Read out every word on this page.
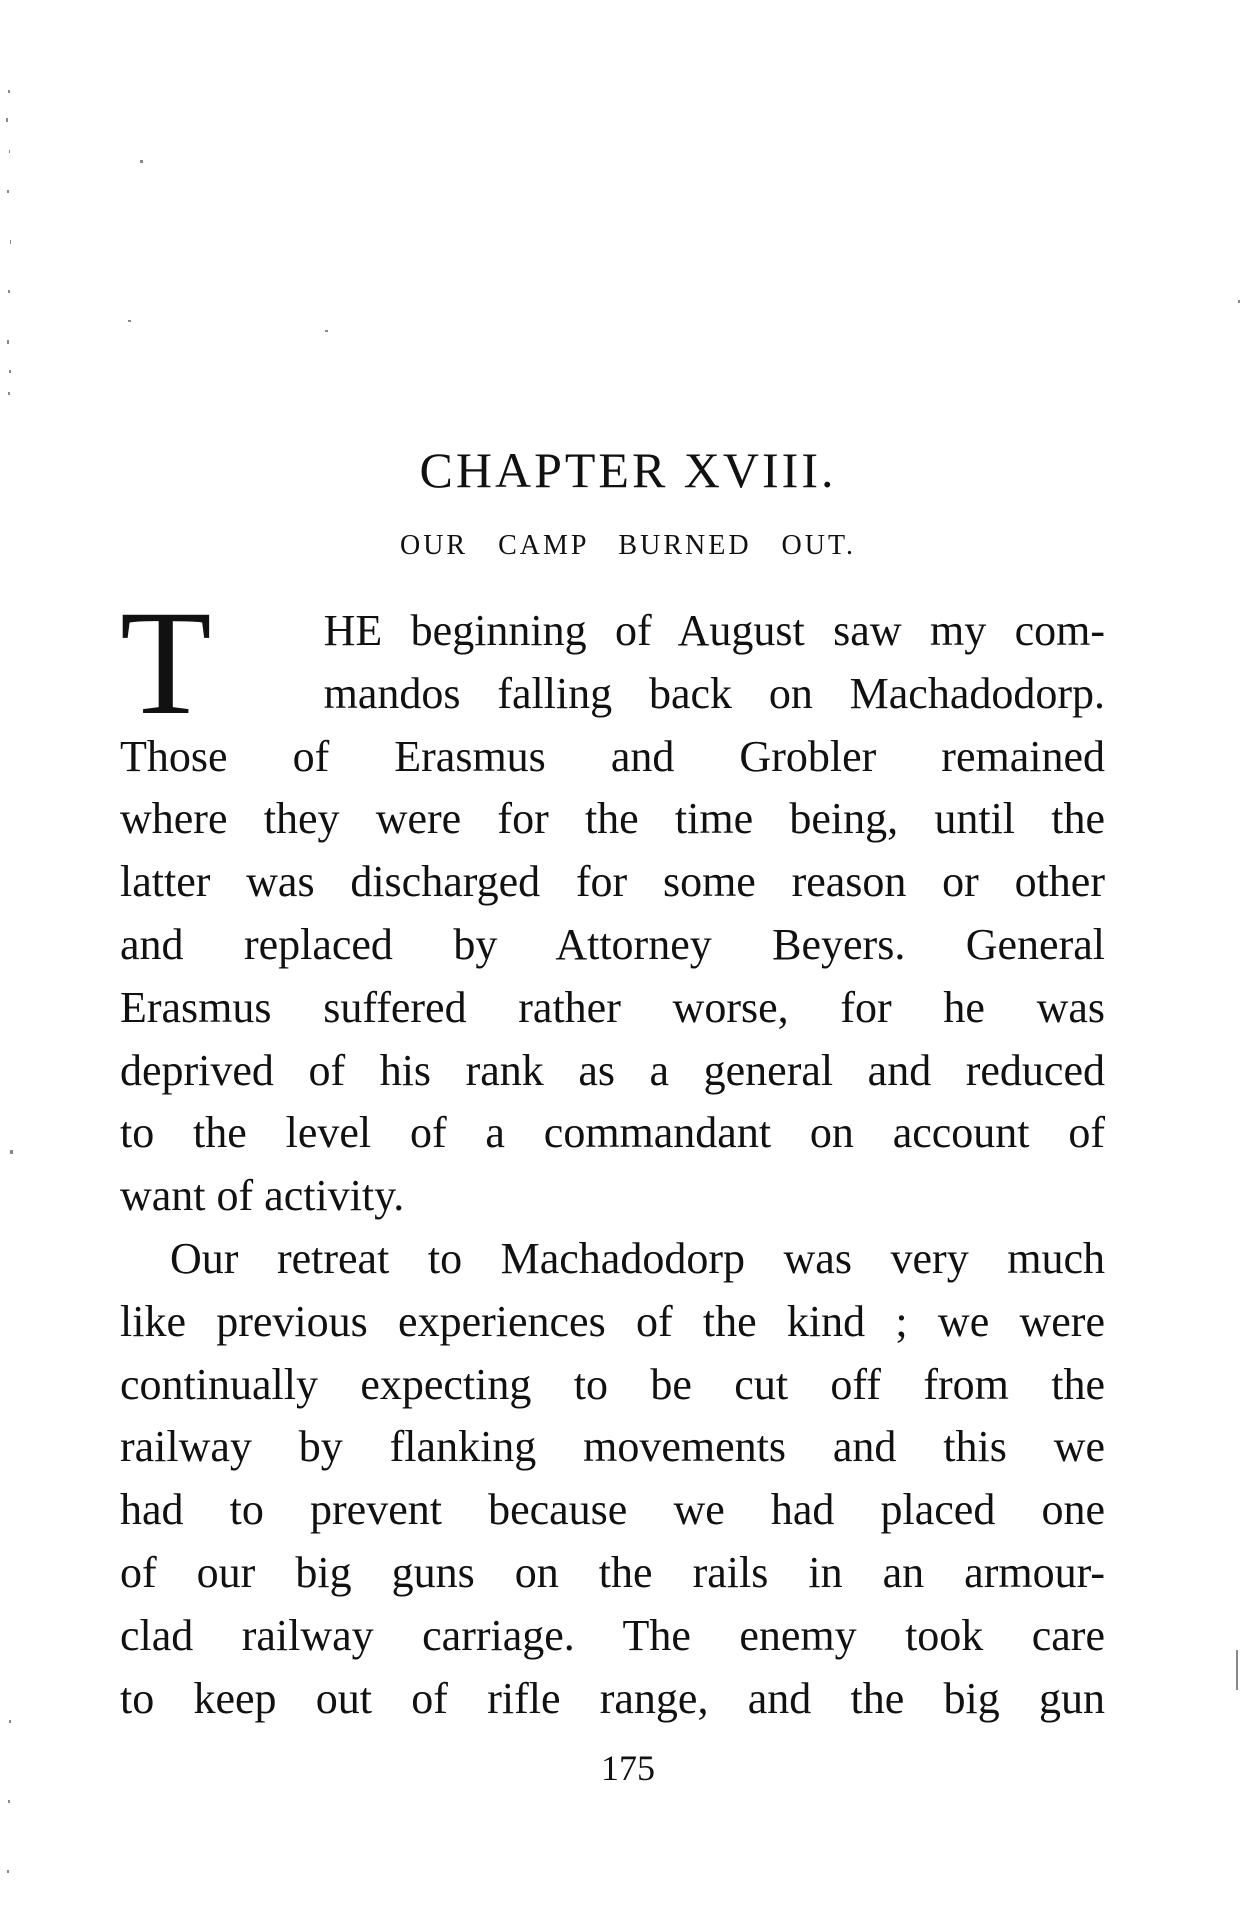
CHAPTER XVIII.
OUR CAMP BURNED OUT.
T	HE beginning of August saw my com-
mandos falling back on Machadodorp.
Those of Erasmus and Grobler remained
where they were for the time being, until the
latter was discharged for some reason or other
and replaced by Attorney Beyers. General
Erasmus suffered rather worse, for he was
deprived of his rank as a general and reduced
to the level of a commandant on account of
want of activity.
Our retreat to Machadodorp was very much
like previous experiences of the kind ; we were
continually expecting to be cut off from the
railway by flanking movements and this we
had to prevent because we had placed one
of our big guns on the rails in an armour-
clad railway carriage. The enemy took care
to keep out of rifle range, and the big gun
175
